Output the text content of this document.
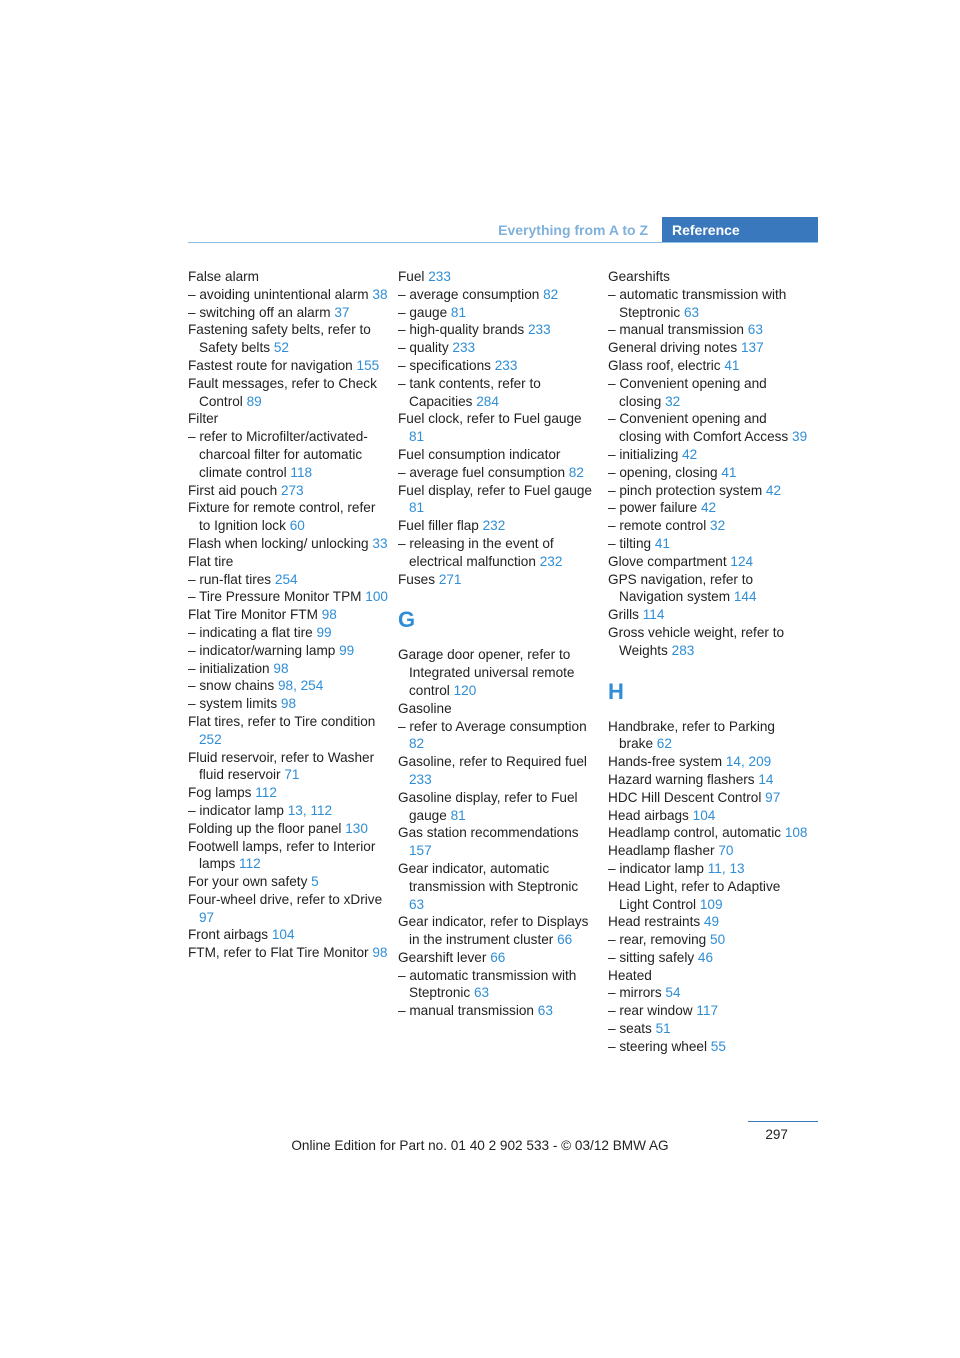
Everything from A to Z	Reference
False alarm
– avoiding unintentional alarm 38
– switching off an alarm 37
Fastening safety belts, refer to Safety belts 52
Fastest route for navigation 155
Fault messages, refer to Check Control 89
Filter
– refer to Microfilter/activated-charcoal filter for automatic climate control 118
First aid pouch 273
Fixture for remote control, refer to Ignition lock 60
Flash when locking/ unlocking 33
Flat tire
– run-flat tires 254
– Tire Pressure Monitor TPM 100
Flat Tire Monitor FTM 98
– indicating a flat tire 99
– indicator/warning lamp 99
– initialization 98
– snow chains 98, 254
– system limits 98
Flat tires, refer to Tire condition 252
Fluid reservoir, refer to Washer fluid reservoir 71
Fog lamps 112
– indicator lamp 13, 112
Folding up the floor panel 130
Footwell lamps, refer to Interior lamps 112
For your own safety 5
Four-wheel drive, refer to xDrive 97
Front airbags 104
FTM, refer to Flat Tire Monitor 98
Fuel 233
– average consumption 82
– gauge 81
– high-quality brands 233
– quality 233
– specifications 233
– tank contents, refer to Capacities 284
Fuel clock, refer to Fuel gauge 81
Fuel consumption indicator
– average fuel consumption 82
Fuel display, refer to Fuel gauge 81
Fuel filler flap 232
– releasing in the event of electrical malfunction 232
Fuses 271
G
Garage door opener, refer to Integrated universal remote control 120
Gasoline
– refer to Average consumption 82
Gasoline, refer to Required fuel 233
Gasoline display, refer to Fuel gauge 81
Gas station recommendations 157
Gear indicator, automatic transmission with Steptronic 63
Gear indicator, refer to Displays in the instrument cluster 66
Gearshift lever 66
– automatic transmission with Steptronic 63
– manual transmission 63
Gearshifts
– automatic transmission with Steptronic 63
– manual transmission 63
General driving notes 137
Glass roof, electric 41
– Convenient opening and closing 32
– Convenient opening and closing with Comfort Access 39
– initializing 42
– opening, closing 41
– pinch protection system 42
– power failure 42
– remote control 32
– tilting 41
Glove compartment 124
GPS navigation, refer to Navigation system 144
Grills 114
Gross vehicle weight, refer to Weights 283
H
Handbrake, refer to Parking brake 62
Hands-free system 14, 209
Hazard warning flashers 14
HDC Hill Descent Control 97
Head airbags 104
Headlamp control, automatic 108
Headlamp flasher 70
– indicator lamp 11, 13
Head Light, refer to Adaptive Light Control 109
Head restraints 49
– rear, removing 50
– sitting safely 46
Heated
– mirrors 54
– rear window 117
– seats 51
– steering wheel 55
297
Online Edition for Part no. 01 40 2 902 533 - © 03/12 BMW AG
